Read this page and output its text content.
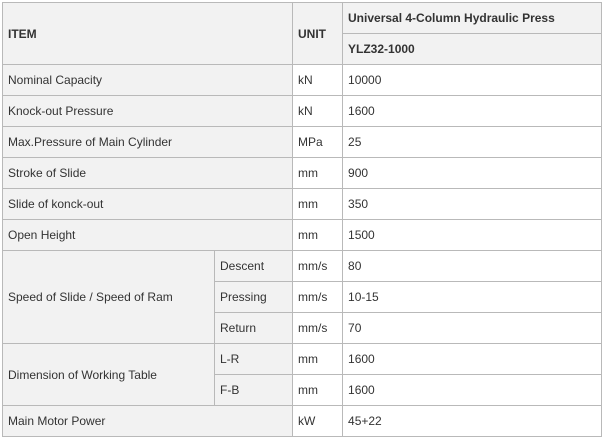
ITEM		UNIT	Universal 4-Column Hydraulic Press
			YLZ32-1000
Nominal Capacity		kN	10000
Knock-out Pressure		kN	1600
Max.Pressure of Main Cylinder		MPa	25
Stroke of Slide		mm	900
Slide of konck-out		mm	350
Open Height		mm	1500
Speed of Slide / Speed of Ram	Descent	mm/s	80
	Pressing	mm/s	10-15
	Return	mm/s	70
Dimension of Working Table	L-R	mm	1600
	F-B	mm	1600
Main Motor Power		kW	45+22
